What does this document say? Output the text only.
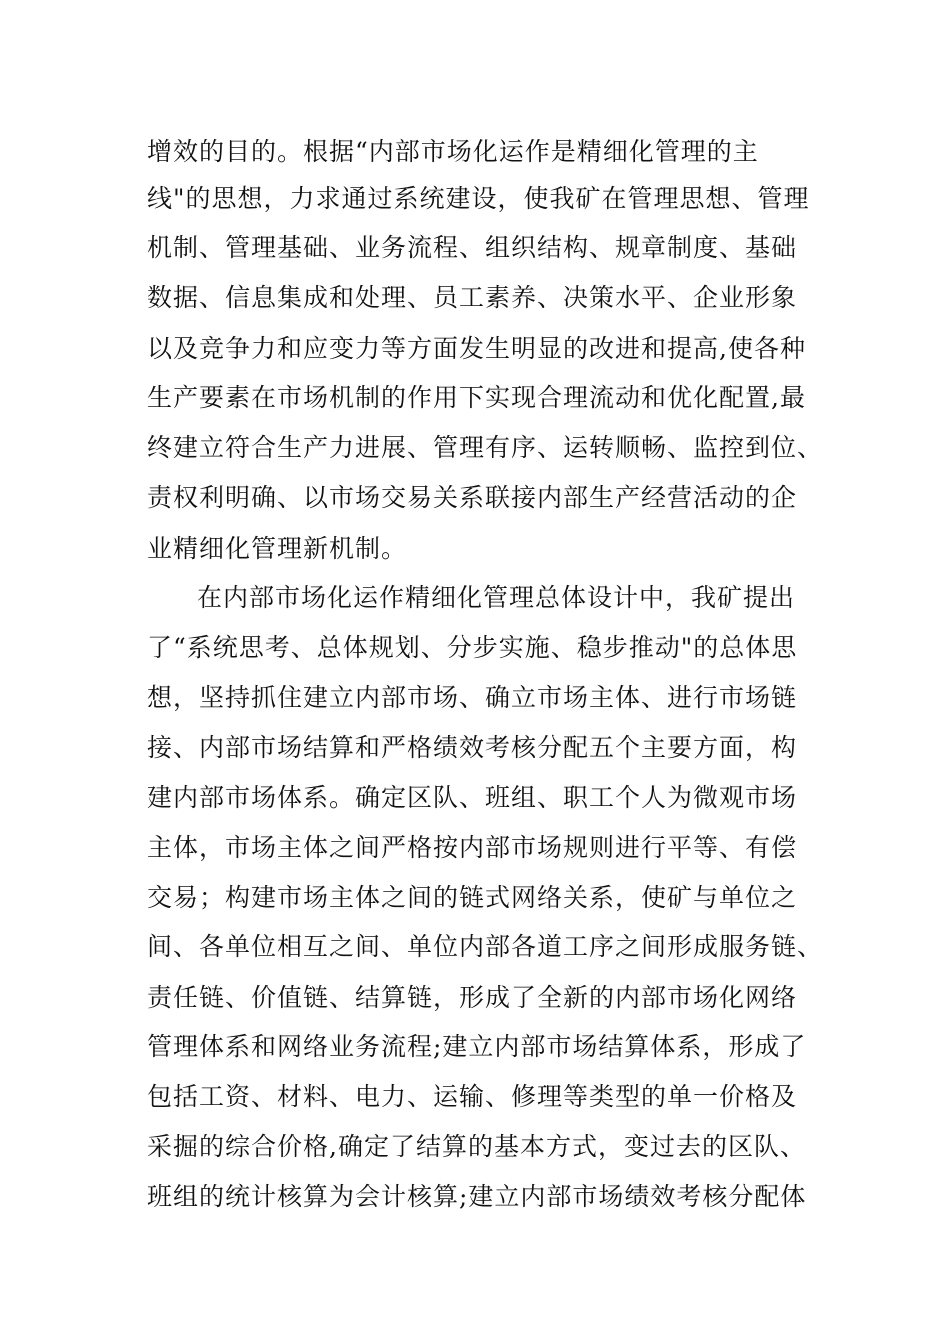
增效的目的。根据“内部市场化运作是精细化管理的主
线"的思想，力求通过系统建设，使我矿在管理思想、管理
机制、管理基础、业务流程、组织结构、规章制度、基础
数据、信息集成和处理、员工素养、决策水平、企业形象
以及竞争力和应变力等方面发生明显的改进和提高,使各种
生产要素在市场机制的作用下实现合理流动和优化配置,最
终建立符合生产力进展、管理有序、运转顺畅、监控到位、
责权利明确、以市场交易关系联接内部生产经营活动的企
业精细化管理新机制。
在内部市场化运作精细化管理总体设计中，我矿提出
了“系统思考、总体规划、分步实施、稳步推动"的总体思
想，坚持抓住建立内部市场、确立市场主体、进行市场链
接、内部市场结算和严格绩效考核分配五个主要方面，构
建内部市场体系。确定区队、班组、职工个人为微观市场
主体，市场主体之间严格按内部市场规则进行平等、有偿
交易；构建市场主体之间的链式网络关系，使矿与单位之
间、各单位相互之间、单位内部各道工序之间形成服务链、
责任链、价值链、结算链，形成了全新的内部市场化网络
管理体系和网络业务流程;建立内部市场结算体系，形成了
包括工资、材料、电力、运输、修理等类型的单一价格及
采掘的综合价格,确定了结算的基本方式，变过去的区队、
班组的统计核算为会计核算;建立内部市场绩效考核分配体
